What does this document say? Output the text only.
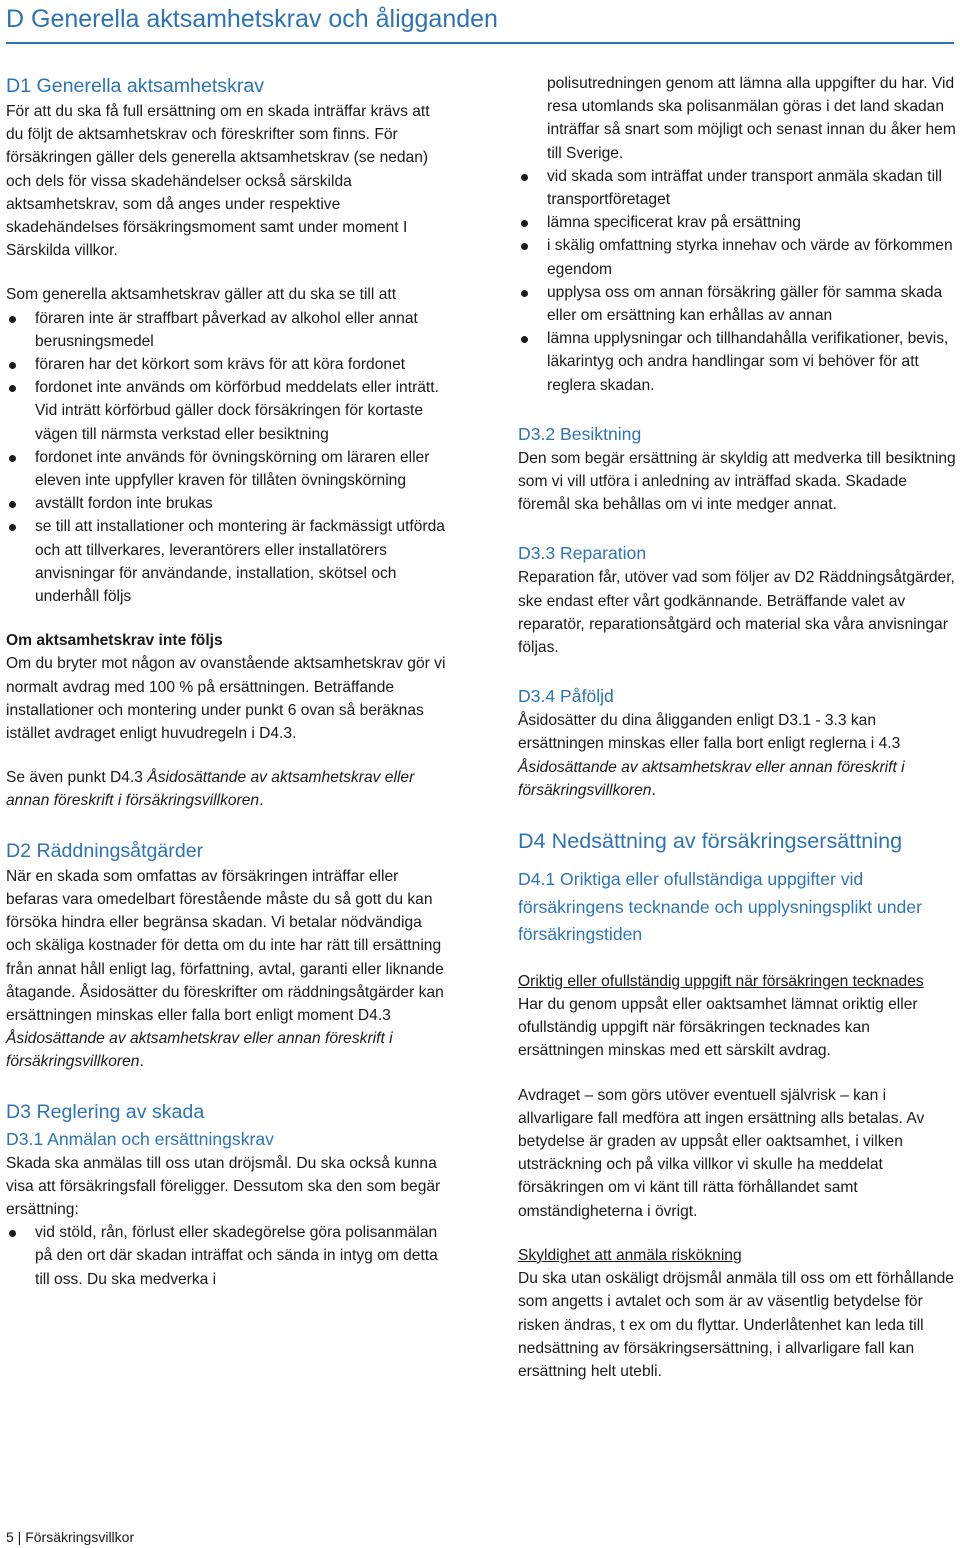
D Generella aktsamhetskrav och åligganden
D1 Generella aktsamhetskrav

För att du ska få full ersättning om en skada inträffar krävs att du följt de aktsamhetskrav och föreskrifter som finns. För försäkringen gäller dels generella aktsamhetskrav (se nedan) och dels för vissa skadehändelser också särskilda aktsamhetskrav, som då anges under respektive skadehändelses försäkringsmoment samt under moment I Särskilda villkor.

Som generella aktsamhetskrav gäller att du ska se till att

föraren inte är straffbart påverkad av alkohol eller annat berusningsmedel
föraren har det körkort som krävs för att köra fordonet
fordonet inte används om körförbud meddelats eller inträtt. Vid inträtt körförbud gäller dock försäkringen för kortaste vägen till närmsta verkstad eller besiktning
fordonet inte används för övningskörning om läraren eller eleven inte uppfyller kraven för tillåten övningskörning
avställt fordon inte brukas
se till att installationer och montering är fackmässigt utförda och att tillverkares, leverantörers eller installatörers anvisningar för användande, installation, skötsel och underhåll följs

Om aktsamhetskrav inte följs

Om du bryter mot någon av ovanstående aktsamhetskrav gör vi normalt avdrag med 100 % på ersättningen. Beträffande installationer och montering under punkt 6 ovan så beräknas istället avdraget enligt huvudregeln i D4.3.

Se även punkt D4.3 Åsidosättande av aktsamhetskrav eller annan föreskrift i försäkringsvillkoren.

D2 Räddningsåtgärder

När en skada som omfattas av försäkringen inträffar eller befaras vara omedelbart förestående måste du så gott du kan försöka hindra eller begränsa skadan. Vi betalar nödvändiga och skäliga kostnader för detta om du inte har rätt till ersättning från annat håll enligt lag, författning, avtal, garanti eller liknande åtagande. Åsidosätter du föreskrifter om räddningsåtgärder kan ersättningen minskas eller falla bort enligt moment D4.3 Åsidosättande av aktsamhetskrav eller annan föreskrift i försäkringsvillkoren.

D3 Reglering av skada
D3.1 Anmälan och ersättningskrav

Skada ska anmälas till oss utan dröjsmål. Du ska också kunna visa att försäkringsfall föreligger. Dessutom ska den som begär ersättning:

vid stöld, rån, förlust eller skadegörelse göra polisanmälan på den ort där skadan inträffat och sända in intyg om detta till oss. Du ska medverka i
polisutredningen genom att lämna alla uppgifter du har. Vid resa utomlands ska polisanmälan göras i det land skadan inträffar så snart som möjligt och senast innan du åker hem till Sverige.
vid skada som inträffat under transport anmäla skadan till transportföretaget
lämna specificerat krav på ersättning
i skälig omfattning styrka innehav och värde av förkommen egendom
upplysa oss om annan försäkring gäller för samma skada eller om ersättning kan erhållas av annan
lämna upplysningar och tillhandahålla verifikationer, bevis, läkarintyg och andra handlingar som vi behöver för att reglera skadan.
D3.2 Besiktning

Den som begär ersättning är skyldig att medverka till besiktning som vi vill utföra i anledning av inträffad skada. Skadade föremål ska behållas om vi inte medger annat.

D3.3 Reparation

Reparation får, utöver vad som följer av D2 Räddningsåtgärder, ske endast efter vårt godkännande. Beträffande valet av reparatör, reparationsåtgärd och material ska våra anvisningar följas.

D3.4 Påföljd

Åsidosätter du dina åligganden enligt D3.1 - 3.3 kan ersättningen minskas eller falla bort enligt reglerna i 4.3 Åsidosättande av aktsamhetskrav eller annan föreskrift i försäkringsvillkoren.

D4 Nedsättning av försäkringsersättning
D4.1 Oriktiga eller ofullständiga uppgifter vid försäkringens tecknande och upplysningsplikt under försäkringstiden

Oriktig eller ofullständig uppgift när försäkringen tecknades

Har du genom uppsåt eller oaktsamhet lämnat oriktig eller ofullständig uppgift när försäkringen tecknades kan ersättningen minskas med ett särskilt avdrag.

Avdraget – som görs utöver eventuell självrisk – kan i allvarligare fall medföra att ingen ersättning alls betalas. Av betydelse är graden av uppsåt eller oaktsamhet, i vilken utsträckning och på vilka villkor vi skulle ha meddelat försäkringen om vi känt till rätta förhållandet samt omständigheterna i övrigt.

Skyldighet att anmäla riskökning

Du ska utan oskäligt dröjsmål anmäla till oss om ett förhållande som angetts i avtalet och som är av väsentlig betydelse för risken ändras, t ex om du flyttar. Underlåtenhet kan leda till nedsättning av försäkringsersättning, i allvarligare fall kan ersättning helt utebli.

5 | Försäkringsvillkor
